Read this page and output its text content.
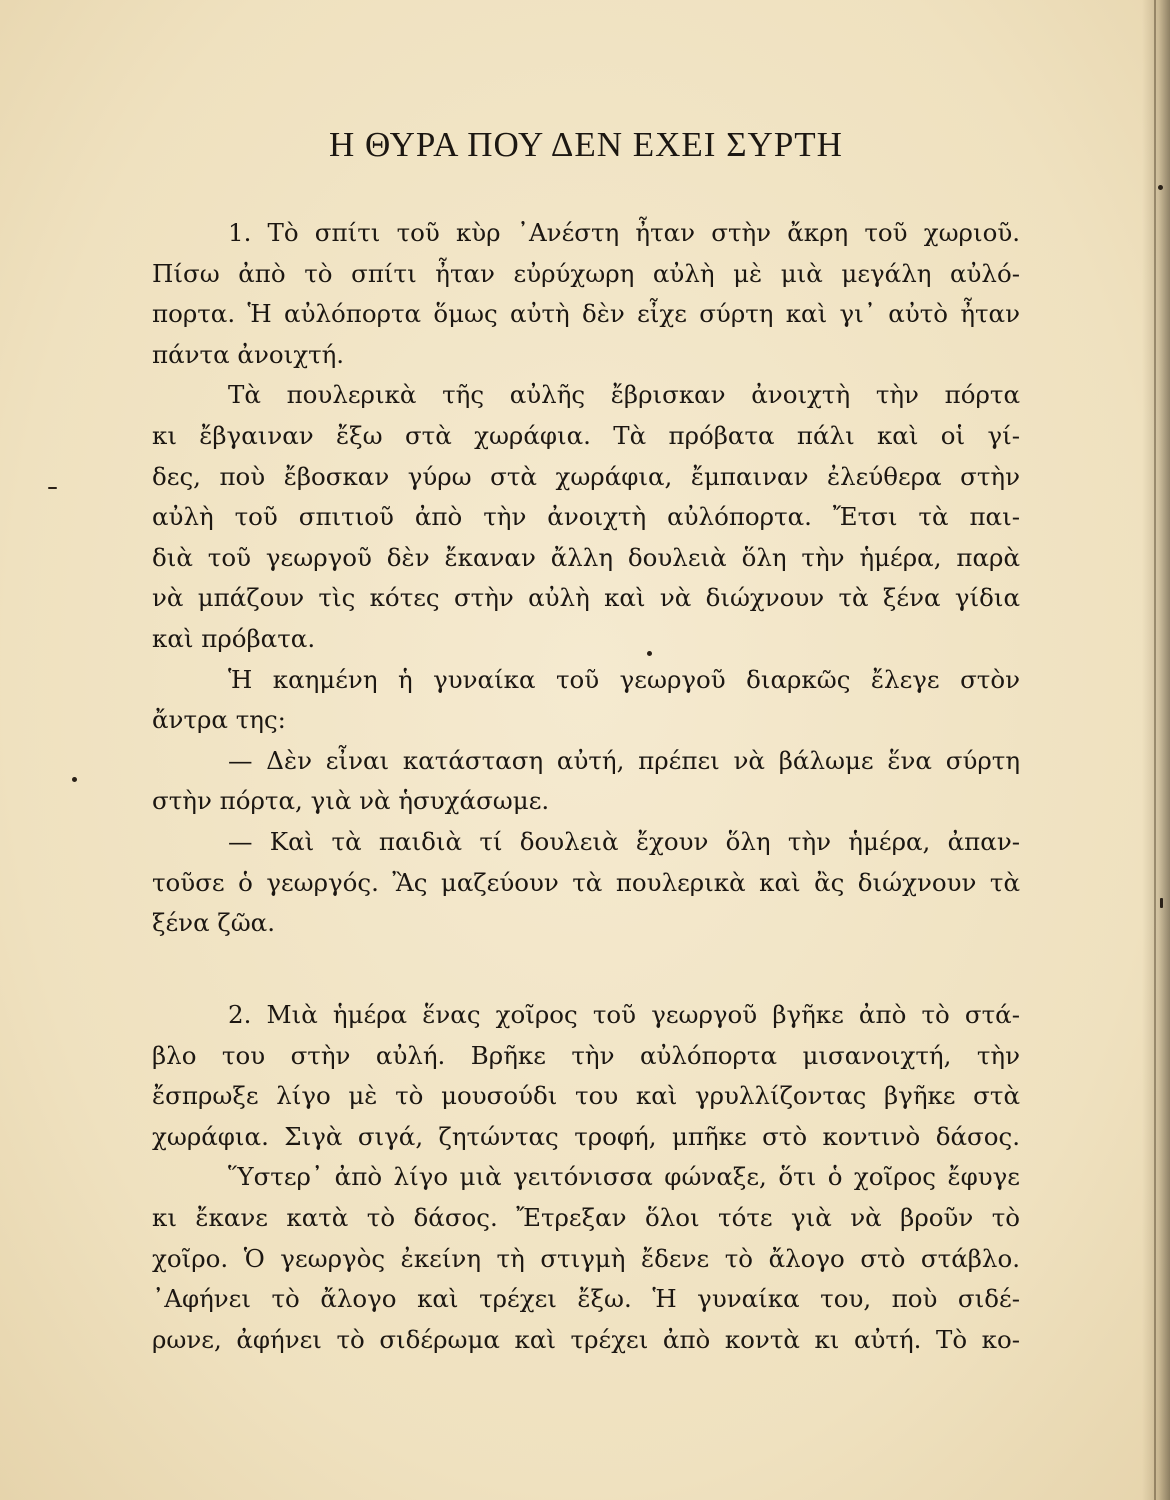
Η ΘΥΡΑ ΠΟΥ ΔΕΝ ΕΧΕΙ ΣΥΡΤΗ
1. Τὸ σπίτι τοῦ κὺρ ᾿Ανέστη ἦταν στὴν ἄκρη τοῦ χωριοῦ.
Πίσω ἀπὸ τὸ σπίτι ἦταν εὐρύχωρη αὐλὴ μὲ μιὰ μεγάλη αὐλό-
πορτα. Ἡ αὐλόπορτα ὅμως αὐτὴ δὲν εἶχε σύρτη καὶ γι᾿ αὐτὸ ἦταν
πάντα ἀνοιχτή.
Τὰ πουλερικὰ τῆς αὐλῆς ἔβρισκαν ἀνοιχτὴ τὴν πόρτα
κι ἔβγαιναν ἔξω στὰ χωράφια. Τὰ πρόβατα πάλι καὶ οἱ γί-
δες, ποὺ ἔβοσκαν γύρω στὰ χωράφια, ἔμπαιναν ἐλεύθερα στὴν
αὐλὴ τοῦ σπιτιοῦ ἀπὸ τὴν ἀνοιχτὴ αὐλόπορτα. Ἔτσι τὰ παι-
διὰ τοῦ γεωργοῦ δὲν ἔκαναν ἄλλη δουλειὰ ὅλη τὴν ἡμέρα, παρὰ
νὰ μπάζουν τὶς κότες στὴν αὐλὴ καὶ νὰ διώχνουν τὰ ξένα γίδια
καὶ πρόβατα.
Ἡ καημένη ἡ γυναίκα τοῦ γεωργοῦ διαρκῶς ἔλεγε στὸν
ἄντρα της:
— Δὲν εἶναι κατάσταση αὐτή, πρέπει νὰ βάλωμε ἕνα σύρτη
στὴν πόρτα, γιὰ νὰ ἡσυχάσωμε.
— Καὶ τὰ παιδιὰ τί δουλειὰ ἔχουν ὅλη τὴν ἡμέρα, ἀπαν-
τοῦσε ὁ γεωργός. Ἂς μαζεύουν τὰ πουλερικὰ καὶ ἂς διώχνουν τὰ
ξένα ζῶα.
2. Μιὰ ἡμέρα ἕνας χοῖρος τοῦ γεωργοῦ βγῆκε ἀπὸ τὸ στά-
βλο του στὴν αὐλή. Βρῆκε τὴν αὐλόπορτα μισανοιχτή, τὴν
ἔσπρωξε λίγο μὲ τὸ μουσούδι του καὶ γρυλλίζοντας βγῆκε στὰ
χωράφια. Σιγὰ σιγά, ζητώντας τροφή, μπῆκε στὸ κοντινὸ δάσος.
Ὕστερ᾿ ἀπὸ λίγο μιὰ γειτόνισσα φώναξε, ὅτι ὁ χοῖρος ἔφυγε
κι ἔκανε κατὰ τὸ δάσος. Ἔτρεξαν ὅλοι τότε γιὰ νὰ βροῦν τὸ
χοῖρο. Ὁ γεωργὸς ἐκείνη τὴ στιγμὴ ἔδενε τὸ ἄλογο στὸ στάβλο.
᾿Αφήνει τὸ ἄλογο καὶ τρέχει ἔξω. Ἡ γυναίκα του, ποὺ σιδέ-
ρωνε, ἀφήνει τὸ σιδέρωμα καὶ τρέχει ἀπὸ κοντὰ κι αὐτή. Τὸ κο-
